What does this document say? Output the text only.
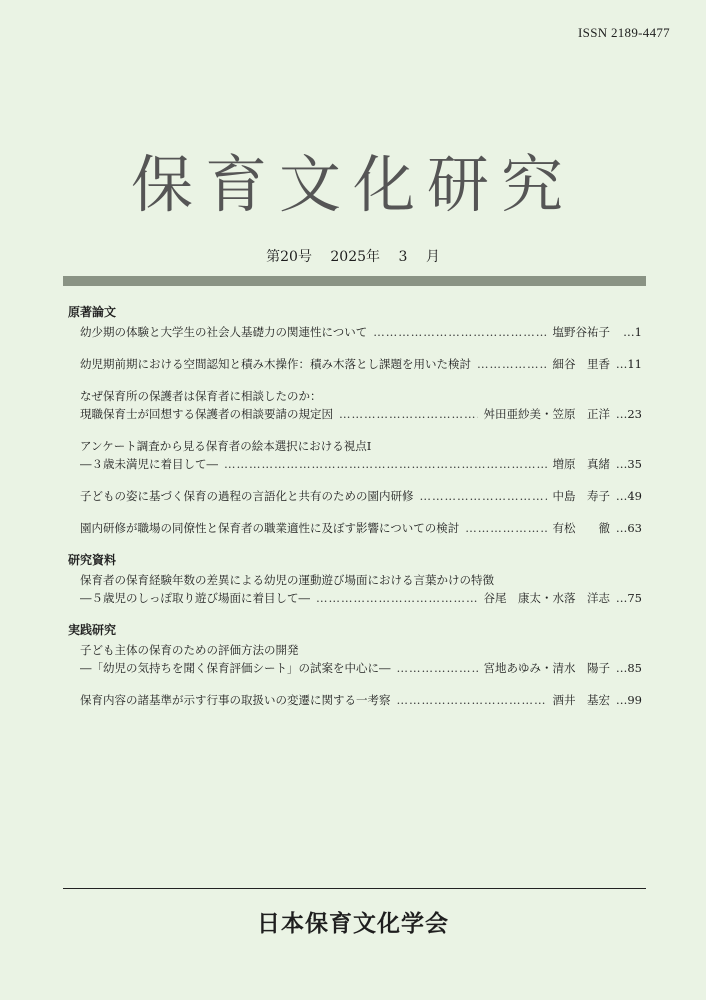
ISSN 2189-4477
保育文化研究
第20号 2025年 3 月
原著論文
幼少期の体験と大学生の社会人基礎力の関連性について ……………………………………………………………………………………………………………………………………………………	塩野谷祐子	…1
幼児期前期における空間認知と積み木操作：積み木落とし課題を用いた検討 ……………………………………………………………………………………………………………………………………………………	細谷　里香 …11
なぜ保育所の保護者は保育者に相談したのか：
現職保育士が回想する保護者の相談要請の規定因 ……………………………………………………………………………………………………………………………………………………	舛田亜紗美・笠原　正洋 …23
アンケート調査から見る保育者の絵本選択における視点Ⅰ
―３歳未満児に着目して― ……………………………………………………………………………………………………………………………………………………	増原　真緒 …35
子どもの姿に基づく保育の過程の言語化と共有のための園内研修 ……………………………………………………………………………………………………………………………………………………	中島　寿子 …49
園内研修が職場の同僚性と保育者の職業適性に及ぼす影響についての検討 ……………………………………………………………………………………………………………………………………………………	有松　　徹 …63
研究資料
保育者の保育経験年数の差異による幼児の運動遊び場面における言葉かけの特徴
―５歳児のしっぽ取り遊び場面に着目して― ……………………………………………………………………………………………………………………………………………………	谷尾　康太・水落　洋志 …75
実践研究
子ども主体の保育のための評価方法の開発
―「幼児の気持ちを聞く保育評価シート」の試案を中心に― ……………………………………………………………………………………………………………………………………………………	宮地あゆみ・清水　陽子 …85
保育内容の諸基準が示す行事の取扱いの変遷に関する一考察 ……………………………………………………………………………………………………………………………………………………	酒井　基宏 …99
日本保育文化学会
